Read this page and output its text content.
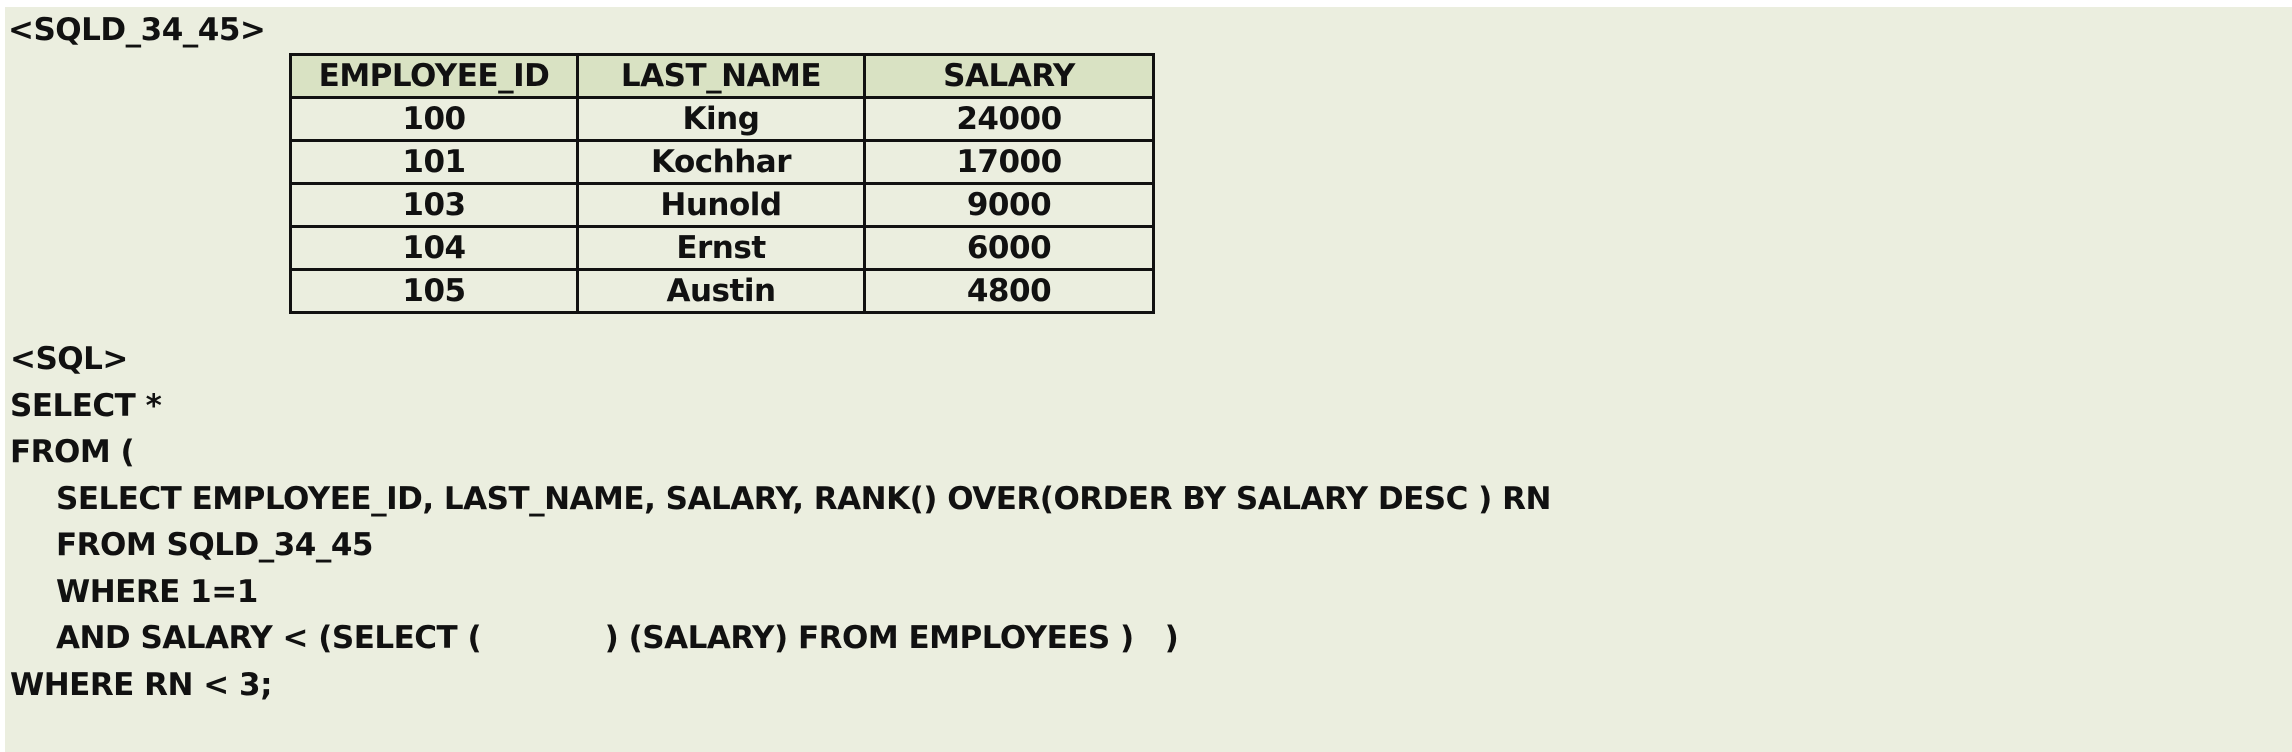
<SQLD_34_45>
EMPLOYEE_ID	LAST_NAME	SALARY
100	King	24000
101	Kochhar	17000
103	Hunold	9000
104	Ernst	6000
105	Austin	4800
<SQL>
SELECT *
FROM (
SELECT EMPLOYEE_ID, LAST_NAME, SALARY, RANK() OVER(ORDER BY SALARY DESC ) RN
FROM SQLD_34_45
WHERE 1=1
AND SALARY < (SELECT (            ) (SALARY) FROM EMPLOYEES )   )
WHERE RN < 3;
